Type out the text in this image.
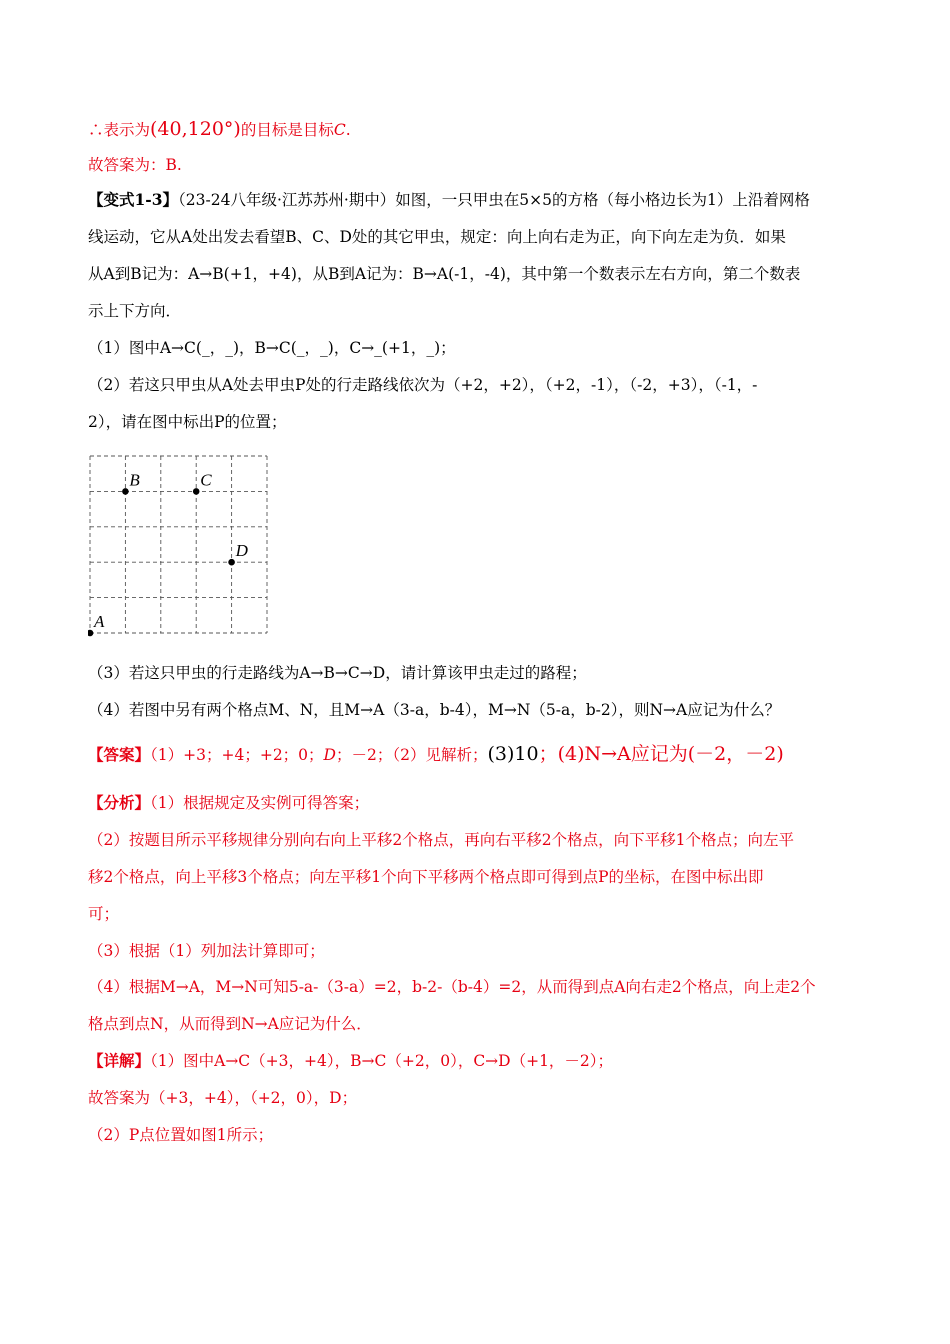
∴表示为(40,120°)的目标是目标C.
故答案为：B.
【变式1-3】（23-24八年级·江苏苏州·期中）如图，一只甲虫在5×5的方格（每小格边长为1）上沿着网格
线运动，它从A处出发去看望B、C、D处的其它甲虫，规定：向上向右走为正，向下向左走为负．如果
从A到B记为：A→B(+1，+4)，从B到A记为：B→A(-1，-4)，其中第一个数表示左右方向，第二个数表
示上下方向．
（1）图中A→C(_，_)，B→C(_，_)，C→_(+1，_)；
（2）若这只甲虫从A处去甲虫P处的行走路线依次为（+2，+2），（+2，-1），（-2，+3），（-1，-
2），请在图中标出P的位置；
A
B	C
D
（3）若这只甲虫的行走路线为A→B→C→D，请计算该甲虫走过的路程；
（4）若图中另有两个格点M、N，且M→A（3-a，b-4），M→N（5-a，b-2），则N→A应记为什么？
【答案】（1）+3；+4；+2；0；D；－2；（2）见解析；(3)10；(4)N→A应记为(－2，－2)
【分析】（1）根据规定及实例可得答案；
（2）按题目所示平移规律分别向右向上平移2个格点，再向右平移2个格点，向下平移1个格点；向左平
移2个格点，向上平移3个格点；向左平移1个向下平移两个格点即可得到点P的坐标，在图中标出即
可；
（3）根据（1）列加法计算即可；
（4）根据M→A，M→N可知5-a-（3-a）=2，b-2-（b-4）=2，从而得到点A向右走2个格点，向上走2个
格点到点N，从而得到N→A应记为什么．
【详解】（1）图中A→C（+3，+4），B→C（+2，0），C→D（+1，－2）；
故答案为（+3，+4），（+2，0），D；
（2）P点位置如图1所示；
